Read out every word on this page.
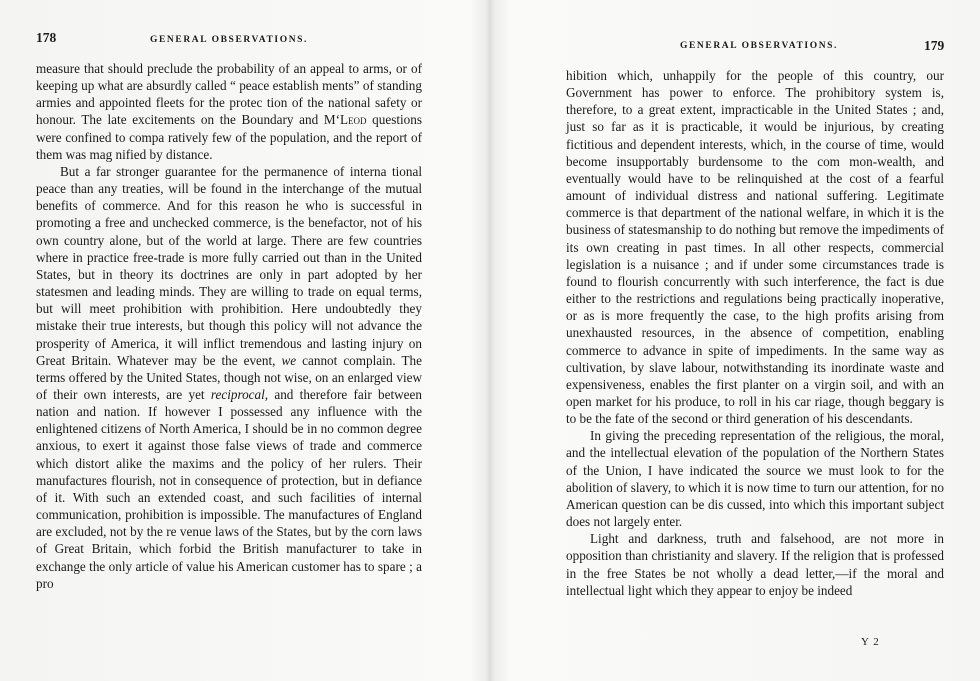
178	GENERAL OBSERVATIONS.

measure that should preclude the probability of an appeal to arms, or of keeping up what are absurdly called “ peace establish ments” of standing armies and appointed fleets for the protec tion of the national safety or honour. The late excitements on the Boundary and M‘Leod questions were confined to compa ratively few of the population, and the report of them was mag nified by distance.

But a far stronger guarantee for the permanence of interna tional peace than any treaties, will be found in the interchange of the mutual benefits of commerce. And for this reason he who is successful in promoting a free and unchecked commerce, is the benefactor, not of his own country alone, but of the world at large. There are few countries where in practice free-trade is more fully carried out than in the United States, but in theory its doctrines are only in part adopted by her statesmen and leading minds. They are willing to trade on equal terms, but will meet prohibition with prohibition. Here undoubtedly they mistake their true interests, but though this policy will not advance the prosperity of America, it will inflict tremendous and lasting injury on Great Britain. Whatever may be the event, we cannot complain. The terms offered by the United States, though not wise, on an enlarged view of their own interests, are yet reciprocal, and therefore fair between nation and nation. If however I possessed any influence with the enlightened citizens of North America, I should be in no common degree anxious, to exert it against those false views of trade and commerce which distort alike the maxims and the policy of her rulers. Their manufactures flourish, not in consequence of protection, but in defiance of it. With such an extended coast, and such facilities of internal communication, prohibition is impossible. The manufactures of England are excluded, not by the re venue laws of the States, but by the corn laws of Great Britain, which forbid the British manufacturer to take in exchange the only article of value his American customer has to spare ; a pro

GENERAL OBSERVATIONS.	179

hibition which, unhappily for the people of this country, our Government has power to enforce. The prohibitory system is, therefore, to a great extent, impracticable in the United States ; and, just so far as it is practicable, it would be injurious, by creating fictitious and dependent interests, which, in the course of time, would become insupportably burdensome to the com mon-wealth, and eventually would have to be relinquished at the cost of a fearful amount of individual distress and national suffering. Legitimate commerce is that department of the national welfare, in which it is the business of statesmanship to do nothing but remove the impediments of its own creating in past times. In all other respects, commercial legislation is a nuisance ; and if under some circumstances trade is found to flourish concurrently with such interference, the fact is due either to the restrictions and regulations being practically inoperative, or as is more frequently the case, to the high profits arising from unexhausted resources, in the absence of competition, enabling commerce to advance in spite of impediments. In the same way as cultivation, by slave labour, notwithstanding its inordinate waste and expensiveness, enables the first planter on a virgin soil, and with an open market for his produce, to roll in his car riage, though beggary is to be the fate of the second or third generation of his descendants.

In giving the preceding representation of the religious, the moral, and the intellectual elevation of the population of the Northern States of the Union, I have indicated the source we must look to for the abolition of slavery, to which it is now time to turn our attention, for no American question can be dis cussed, into which this important subject does not largely enter.

Light and darkness, truth and falsehood, are not more in opposition than christianity and slavery. If the religion that is professed in the free States be not wholly a dead letter,—if the moral and intellectual light which they appear to enjoy be indeed

Y 2
